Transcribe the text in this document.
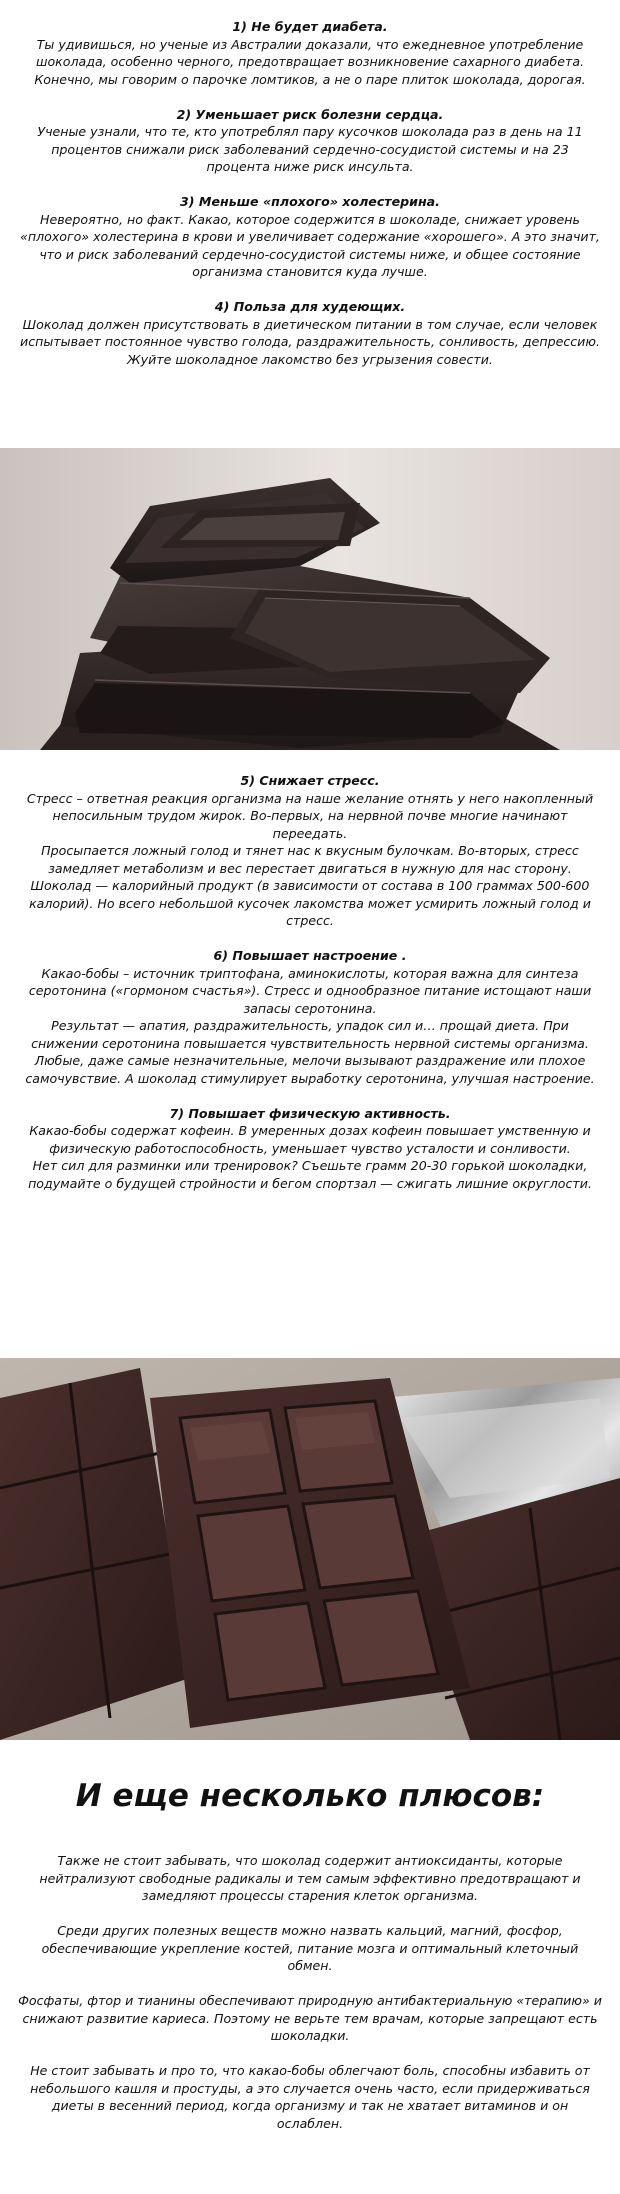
1) Не будет диабета.

Ты удивишься, но ученые из Австралии доказали, что ежедневное употребление шоколада, особенно черного, предотвращает возникновение сахарного диабета. Конечно, мы говорим о парочке ломтиков, а не о паре плиток шоколада, дорогая.

2) Уменьшает риск болезни сердца.

Ученые узнали, что те, кто употреблял пару кусочков шоколада раз в день на 11 процентов снижали риск заболеваний сердечно-сосудистой системы и на 23 процента ниже риск инсульта.

3) Меньше «плохого» холестерина.

Невероятно, но факт. Какао, которое содержится в шоколаде, снижает уровень «плохого» холестерина в крови и увеличивает содержание «хорошего». А это значит, что и риск заболеваний сердечно-сосудистой системы ниже, и общее состояние организма становится куда лучше.

4) Польза для худеющих.

Шоколад должен присутствовать в диетическом питании в том случае, если человек испытывает постоянное чувство голода, раздражительность, сонливость, депрессию. Жуйте шоколадное лакомство без угрызения совести.

5) Снижает стресс.

Стресс – ответная реакция организма на наше желание отнять у него накопленный непосильным трудом жирок. Во-первых, на нервной почве многие начинают переедать.

Просыпается ложный голод и тянет нас к вкусным булочкам. Во-вторых, стресс замедляет метаболизм и вес перестает двигаться в нужную для нас сторону.

Шоколад — калорийный продукт (в зависимости от состава в 100 граммах 500-600 калорий). Но всего небольшой кусочек лакомства может усмирить ложный голод и стресс.

6) Повышает настроение .

Какао-бобы – источник триптофана, аминокислоты, которая важна для синтеза серотонина («гормоном счастья»). Стресс и однообразное питание истощают наши запасы серотонина.

Результат — апатия, раздражительность, упадок сил и… прощай диета. При снижении серотонина повышается чувствительность нервной системы организма.

Любые, даже самые незначительные, мелочи вызывают раздражение или плохое самочувствие. А шоколад стимулирует выработку серотонина, улучшая настроение.

7) Повышает физическую активность.

Какао-бобы содержат кофеин. В умеренных дозах кофеин повышает умственную и физическую работоспособность, уменьшает чувство усталости и сонливости.

Нет сил для разминки или тренировок? Съешьте грамм 20-30 горькой шоколадки, подумайте о будущей стройности и бегом спортзал — сжигать лишние округлости.

И еще несколько плюсов:

Также не стоит забывать, что шоколад содержит антиоксиданты, которые нейтрализуют свободные радикалы и тем самым эффективно предотвращают и замедляют процессы старения клеток организма.

Среди других полезных веществ можно назвать кальций, магний, фосфор, обеспечивающие укрепление костей, питание мозга и оптимальный клеточный обмен.

Фосфаты, фтор и тианины обеспечивают природную антибактериальную «терапию» и снижают развитие кариеса. Поэтому не верьте тем врачам, которые запрещают есть шоколадки.

Не стоит забывать и про то, что какао-бобы облегчают боль, способны избавить от небольшого кашля и простуды, а это случается очень часто, если придерживаться диеты в весенний период, когда организму и так не хватает витаминов и он ослаблен.
